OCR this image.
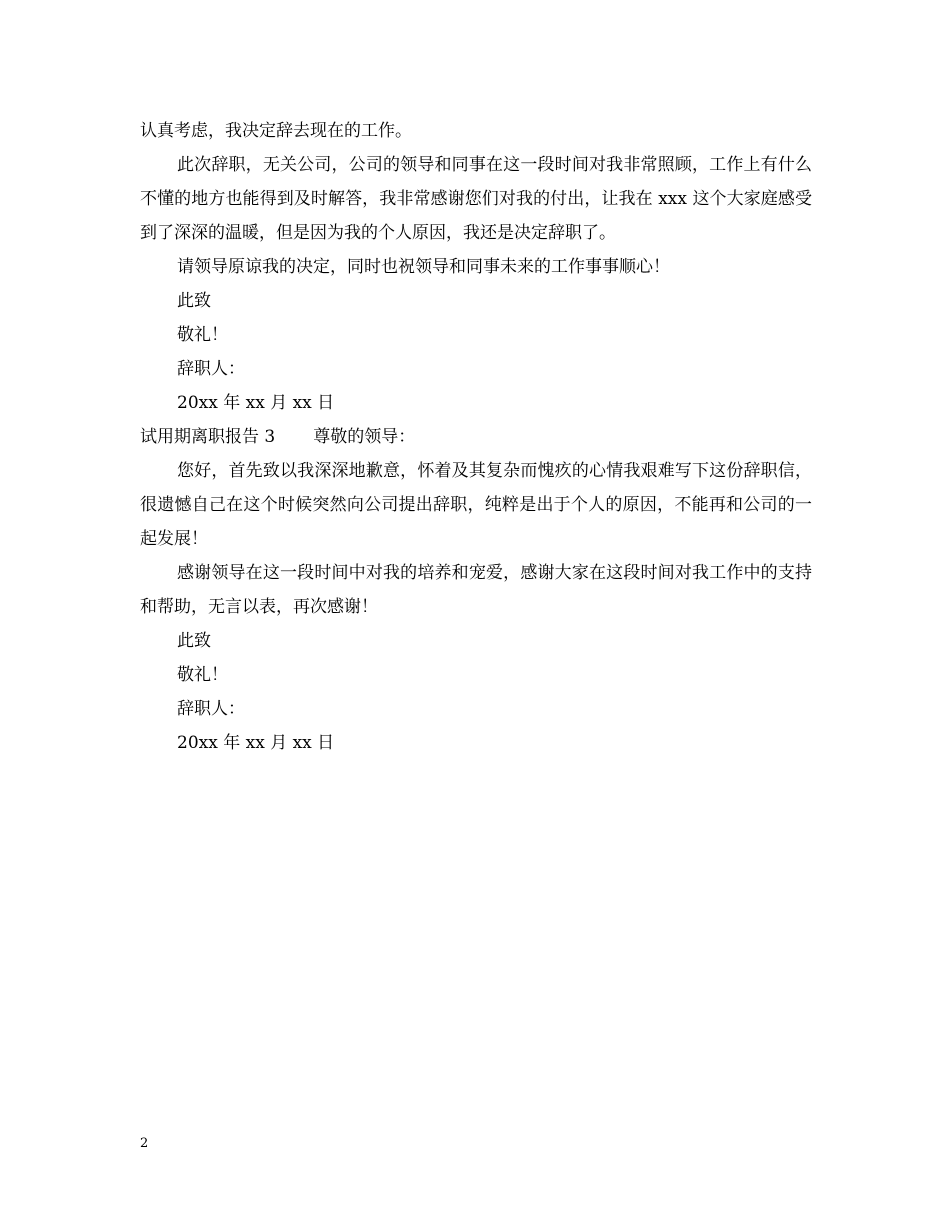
认真考虑，我决定辞去现在的工作。

此次辞职，无关公司，公司的领导和同事在这一段时间对我非常照顾，工作上有什么不懂的地方也能得到及时解答，我非常感谢您们对我的付出，让我在 xxx 这个大家庭感受到了深深的温暖，但是因为我的个人原因，我还是决定辞职了。

请领导原谅我的决定，同时也祝领导和同事未来的工作事事顺心！

此致

敬礼！

辞职人：

20xx 年 xx 月 xx 日

试用期离职报告 3 尊敬的领导：

您好，首先致以我深深地歉意，怀着及其复杂而愧疚的心情我艰难写下这份辞职信，很遗憾自己在这个时候突然向公司提出辞职，纯粹是出于个人的原因，不能再和公司的一起发展！

感谢领导在这一段时间中对我的培养和宠爱，感谢大家在这段时间对我工作中的支持和帮助，无言以表，再次感谢！

此致

敬礼！

辞职人：

20xx 年 xx 月 xx 日

2
